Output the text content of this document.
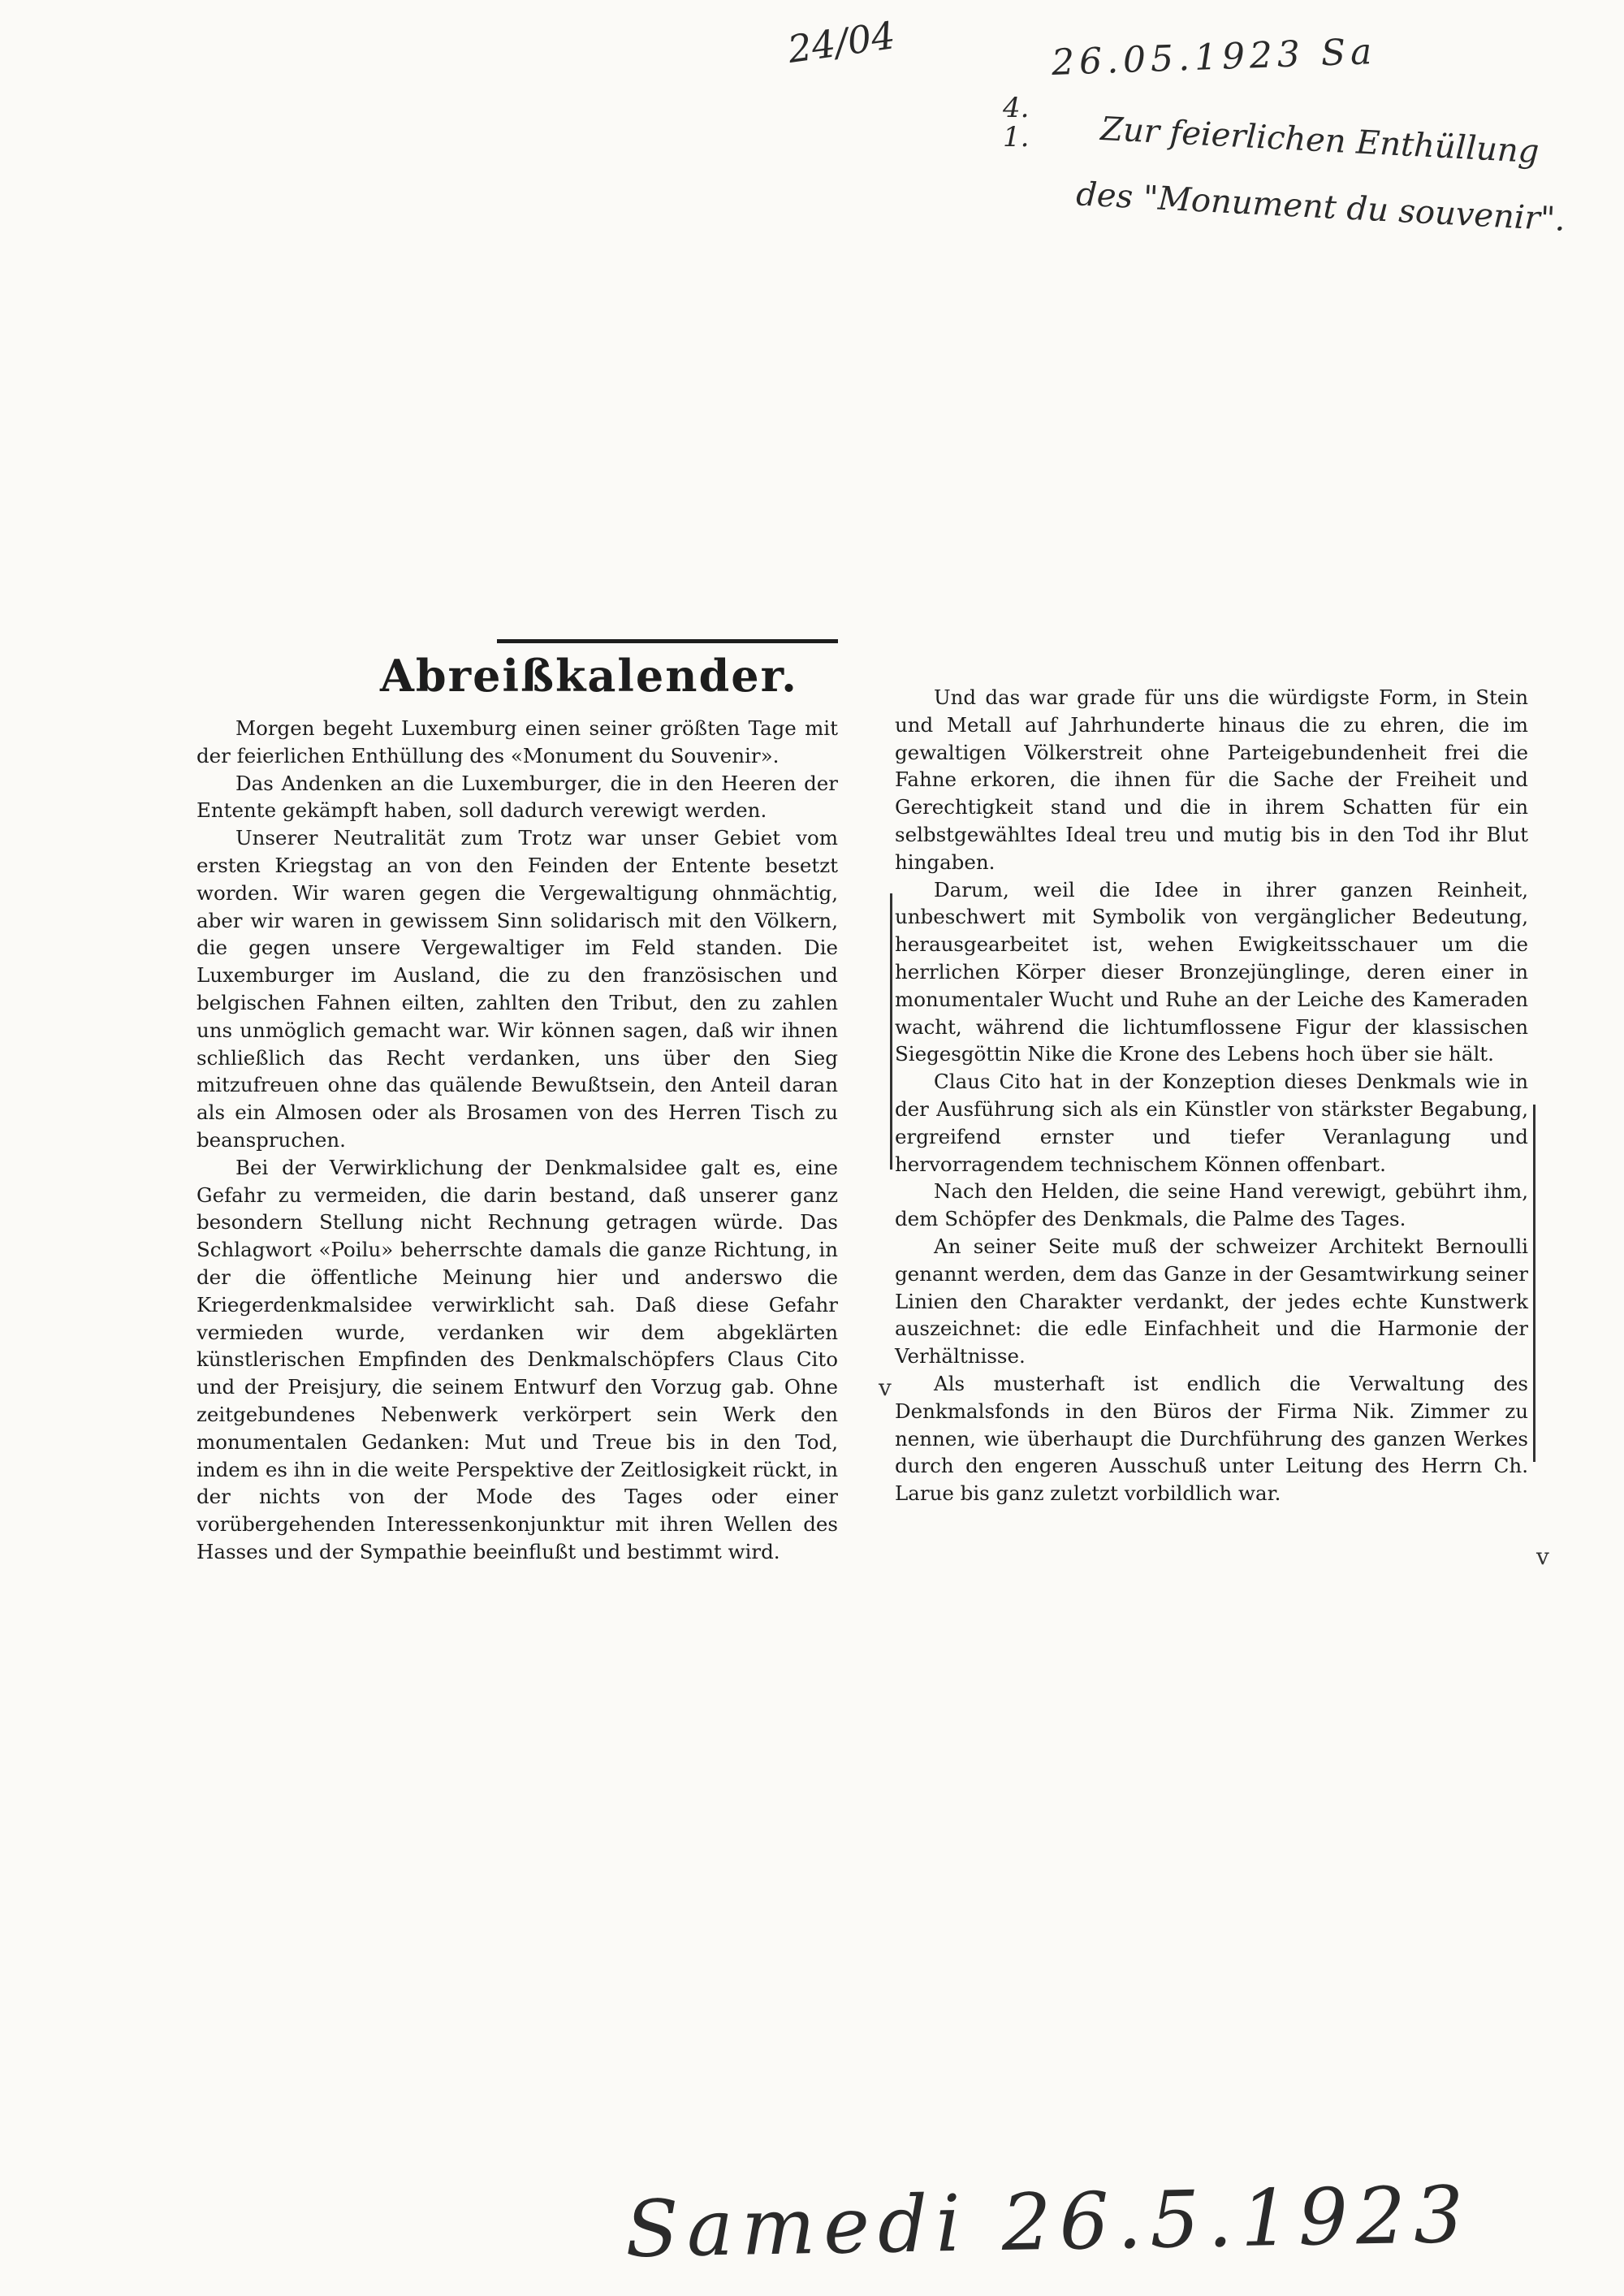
24/04	26.05.1923 Sa
4.
1. Zur feierlichen Enthüllung
des "Monument du souvenir".
Abreißkalender.

Morgen begeht Luxemburg einen seiner größten Tage mit der feierlichen Enthüllung des «Monument du Souvenir».

Das Andenken an die Luxemburger, die in den Heeren der Entente gekämpft haben, soll dadurch verewigt werden.

Unserer Neutralität zum Trotz war unser Gebiet vom ersten Kriegstag an von den Feinden der Entente besetzt worden. Wir waren gegen die Vergewaltigung ohnmächtig, aber wir waren in gewissem Sinn solidarisch mit den Völkern, die gegen unsere Vergewaltiger im Feld standen. Die Luxemburger im Ausland, die zu den französischen und belgischen Fahnen eilten, zahlten den Tribut, den zu zahlen uns unmöglich gemacht war. Wir können sagen, daß wir ihnen schließlich das Recht verdanken, uns über den Sieg mitzufreuen ohne das quälende Bewußtsein, den Anteil daran als ein Almosen oder als Brosamen von des Herren Tisch zu beanspruchen.

Bei der Verwirklichung der Denkmalsidee galt es, eine Gefahr zu vermeiden, die darin bestand, daß unserer ganz besondern Stellung nicht Rechnung getragen würde. Das Schlagwort «Poilu» beherrschte damals die ganze Richtung, in der die öffentliche Meinung hier und anderswo die Kriegerdenkmalsidee verwirklicht sah. Daß diese Gefahr vermieden wurde, verdanken wir dem abgeklärten künstlerischen Empfinden des Denkmalschöpfers Claus Cito und der Preisjury, die seinem Entwurf den Vorzug gab. Ohne zeitgebundenes Nebenwerk verkörpert sein Werk den monumentalen Gedanken: Mut und Treue bis in den Tod, indem es ihn in die weite Perspektive der Zeitlosigkeit rückt, in der nichts von der Mode des Tages oder einer vorübergehenden Interessenkonjunktur mit ihren Wellen des Hasses und der Sympathie beeinflußt und bestimmt wird.

Und das war grade für uns die würdigste Form, in Stein und Metall auf Jahrhunderte hinaus die zu ehren, die im gewaltigen Völkerstreit ohne Parteigebundenheit frei die Fahne erkoren, die ihnen für die Sache der Freiheit und Gerechtigkeit stand und die in ihrem Schatten für ein selbstgewähltes Ideal treu und mutig bis in den Tod ihr Blut hingaben.

Darum, weil die Idee in ihrer ganzen Reinheit, unbeschwert mit Symbolik von vergänglicher Bedeutung, herausgearbeitet ist, wehen Ewigkeitsschauer um die herrlichen Körper dieser Bronzejünglinge, deren einer in monumentaler Wucht und Ruhe an der Leiche des Kameraden wacht, während die lichtumflossene Figur der klassischen Siegesgöttin Nike die Krone des Lebens hoch über sie hält.

Claus Cito hat in der Konzeption dieses Denkmals wie in der Ausführung sich als ein Künstler von stärkster Begabung, ergreifend ernster und tiefer Veranlagung und hervorragendem technischem Können offenbart.

Nach den Helden, die seine Hand verewigt, gebührt ihm, dem Schöpfer des Denkmals, die Palme des Tages.

An seiner Seite muß der schweizer Architekt Bernoulli genannt werden, dem das Ganze in der Gesamtwirkung seiner Linien den Charakter verdankt, der jedes echte Kunstwerk auszeichnet: die edle Einfachheit und die Harmonie der Verhältnisse.

Als musterhaft ist endlich die Verwaltung des Denkmalsfonds in den Büros der Firma Nik. Zimmer zu nennen, wie überhaupt die Durchführung des ganzen Werkes durch den engeren Ausschuß unter Leitung des Herrn Ch. Larue bis ganz zuletzt vorbildlich war.

v
v
Samedi 26.5.1923
